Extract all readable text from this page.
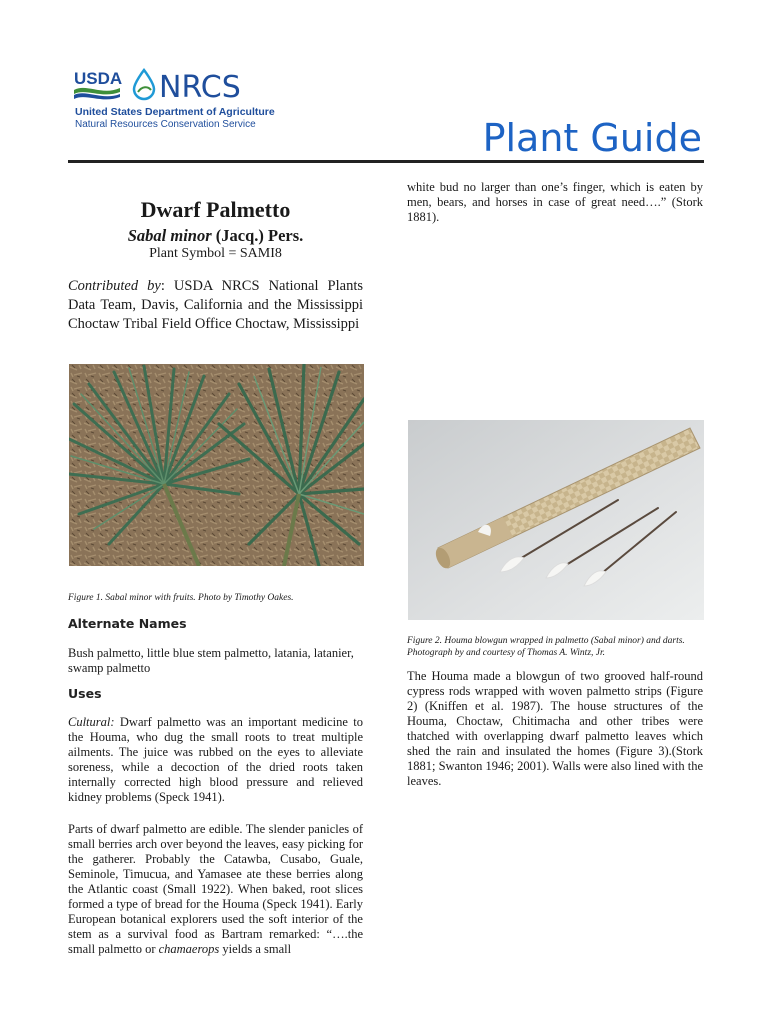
USDA NRCS
United States Department of Agriculture
Natural Resources Conservation Service	Plant Guide
white bud no larger than one’s finger, which is eaten by men, bears, and horses in case of great need….” (Stork 1881).
Dwarf Palmetto
Sabal minor (Jacq.) Pers.
Plant Symbol = SAMI8
Contributed by: USDA NRCS National Plants Data Team, Davis, California and the Mississippi Choctaw Tribal Field Office Choctaw, Mississippi
Figure 1. Sabal minor with fruits. Photo by Timothy Oakes.
Alternate Names
Bush palmetto, little blue stem palmetto, latania, latanier, swamp palmetto
Uses
Cultural: Dwarf palmetto was an important medicine to the Houma, who dug the small roots to treat multiple ailments. The juice was rubbed on the eyes to alleviate soreness, while a decoction of the dried roots taken internally corrected high blood pressure and relieved kidney problems (Speck 1941).
Parts of dwarf palmetto are edible. The slender panicles of small berries arch over beyond the leaves, easy picking for the gatherer. Probably the Catawba, Cusabo, Guale, Seminole, Timucua, and Yamasee ate these berries along the Atlantic coast (Small 1922). When baked, root slices formed a type of bread for the Houma (Speck 1941). Early European botanical explorers used the soft interior of the stem as a survival food as Bartram remarked: “….the small palmetto or chamaerops yields a small
Figure 2. Houma blowgun wrapped in palmetto (Sabal minor) and darts. Photograph by and courtesy of Thomas A. Wintz, Jr.
The Houma made a blowgun of two grooved half-round cypress rods wrapped with woven palmetto strips (Figure 2) (Kniffen et al. 1987). The house structures of the Houma, Choctaw, Chitimacha and other tribes were thatched with overlapping dwarf palmetto leaves which shed the rain and insulated the homes (Figure 3).(Stork 1881; Swanton 1946; 2001). Walls were also lined with the leaves.
